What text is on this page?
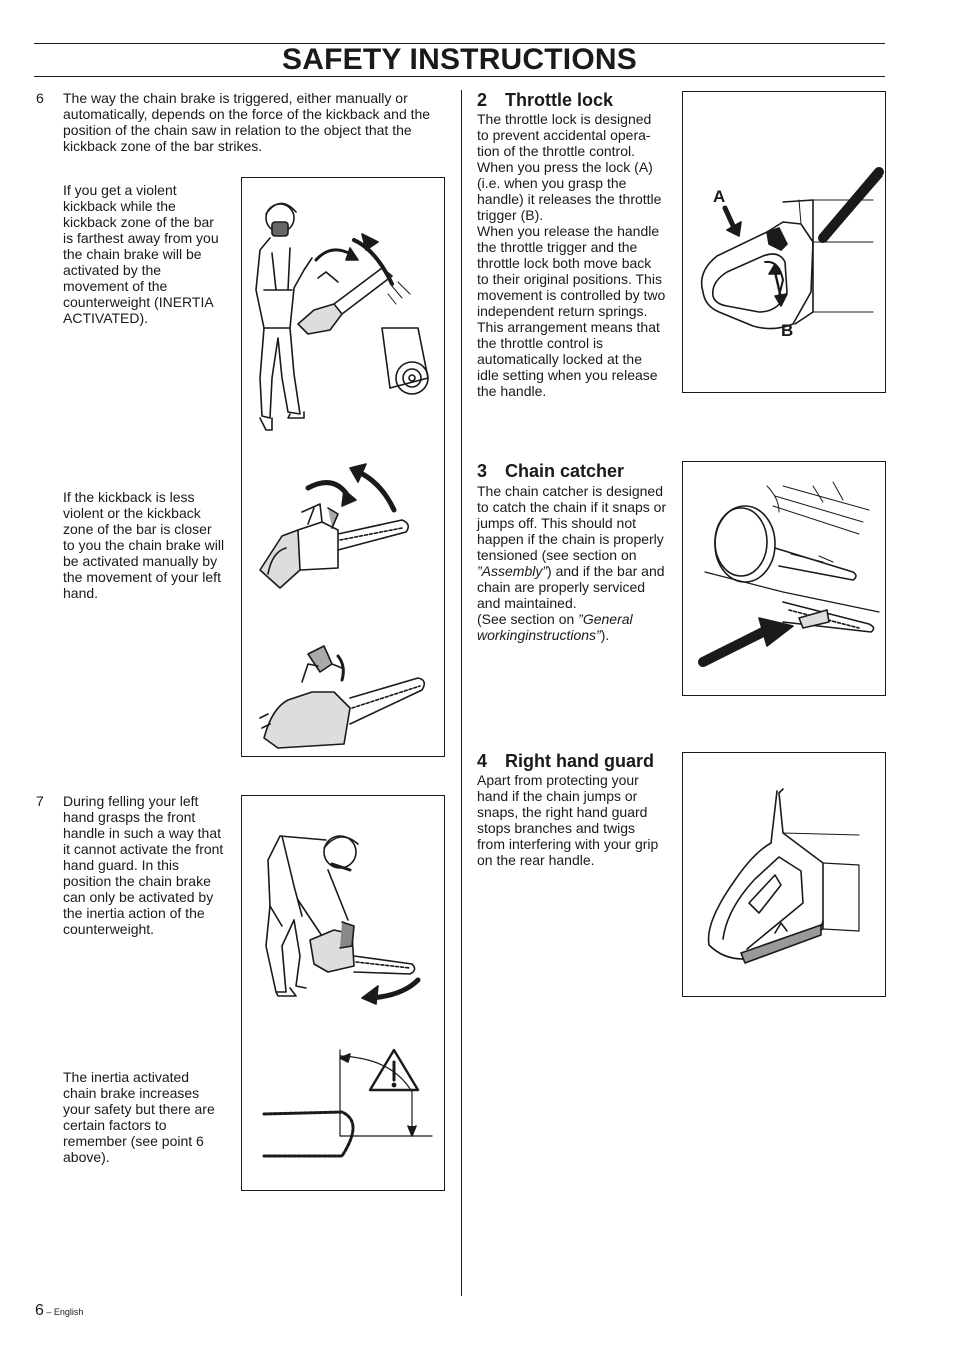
SAFETY INSTRUCTIONS
6 The way the chain brake is triggered, either manually or automatically, depends on the force of the kickback and the position of the chain saw in relation to the object that the kickback zone of the bar strikes.
If you get a violent
kickback while the
kickback zone of the bar
is farthest away from you
the chain brake will be
activated by the
movement of the
counterweight (INERTIA
ACTIVATED).
If the kickback is less
violent or the kickback
zone of the bar is closer
to you the chain brake will
be activated manually by
the movement of your left
hand.
7 During felling your left
hand grasps the front
handle in such a way that
it cannot activate the front
hand guard. In this
position the chain brake
can only be activated by
the inertia action of the
counterweight.
The inertia activated
chain brake increases
your safety but there are
certain factors to
remember (see point 6
above).
2 Throttle lock
The throttle lock is designed
to prevent accidental opera-
tion of the throttle control.
When you press the lock (A)
(i.e. when you grasp the
handle) it releases the throttle
trigger (B).
When you release the handle
the throttle trigger and the
throttle lock both move back
to their original positions. This
movement is controlled by two
independent return springs.
This arrangement means that
the throttle control is
automatically locked at the
idle setting when you release
the handle.
A
B
3 Chain catcher
The chain catcher is designed
to catch the chain if it snaps or
jumps off. This should not
happen if the chain is properly
tensioned (see section on
”Assembly”) and if the bar and
chain are properly serviced
and maintained.
(See section on ”General
workinginstructions”).
4 Right hand guard
Apart from protecting your
hand if the chain jumps or
snaps, the right hand guard
stops branches and twigs
from interfering with your grip
on the rear handle.
6 – English
